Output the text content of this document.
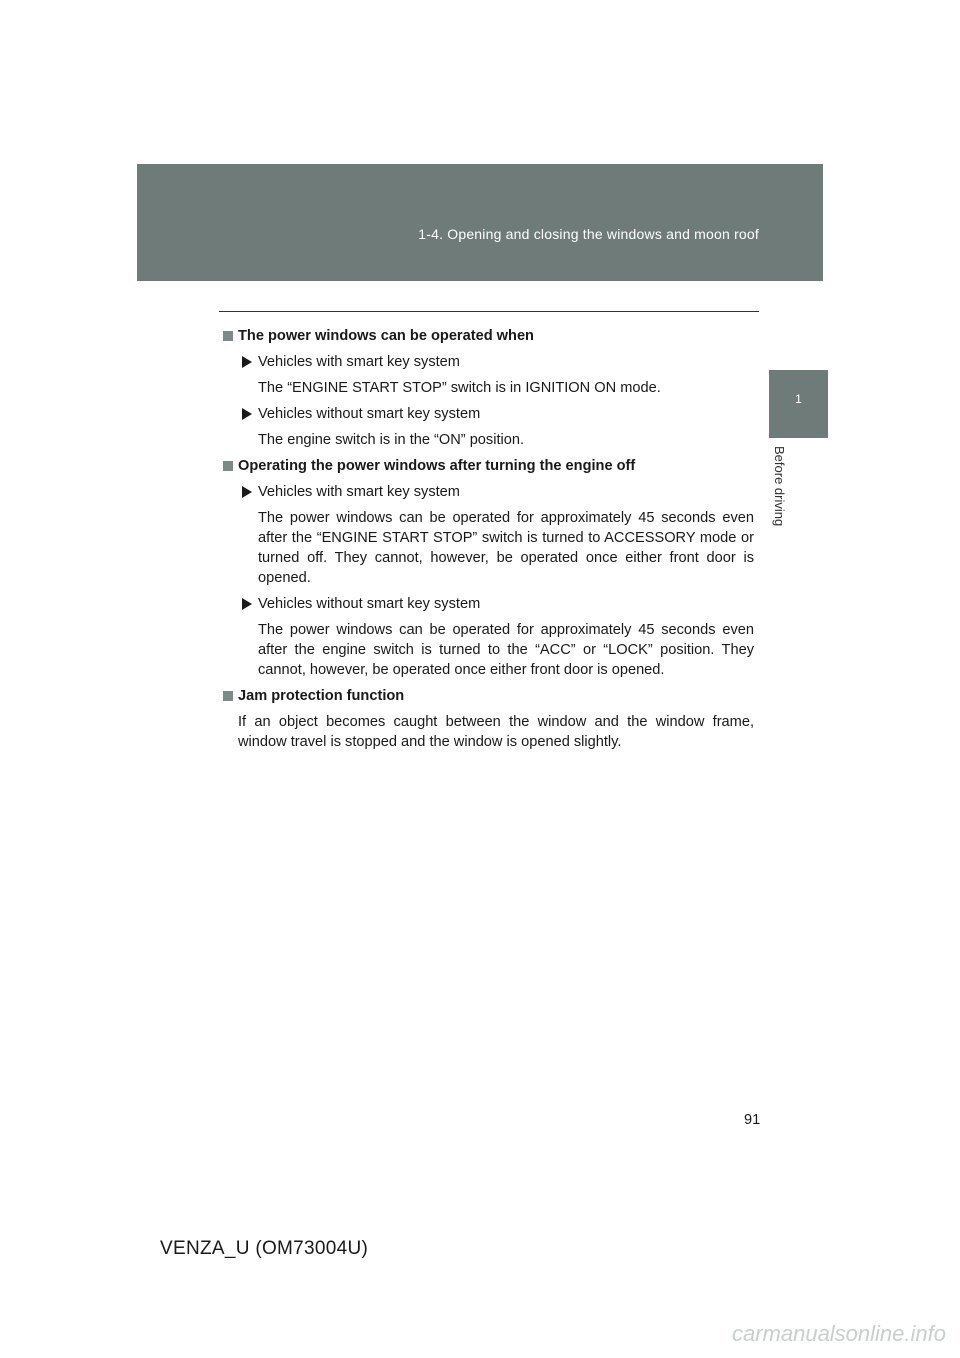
1-4. Opening and closing the windows and moon roof
1
Before driving
The power windows can be operated when
Vehicles with smart key system

The “ENGINE START STOP” switch is in IGNITION ON mode.

Vehicles without smart key system

The engine switch is in the “ON” position.

Operating the power windows after turning the engine off
Vehicles with smart key system

The power windows can be operated for approximately 45 seconds even after the “ENGINE START STOP” switch is turned to ACCESSORY mode or turned off. They cannot, however, be operated once either front door is opened.

Vehicles without smart key system

The power windows can be operated for approximately 45 seconds even after the engine switch is turned to the “ACC” or “LOCK” position. They cannot, however, be operated once either front door is opened.

Jam protection function

If an object becomes caught between the window and the window frame, window travel is stopped and the window is opened slightly.

91
VENZA_U (OM73004U)
carmanualsonline.info
